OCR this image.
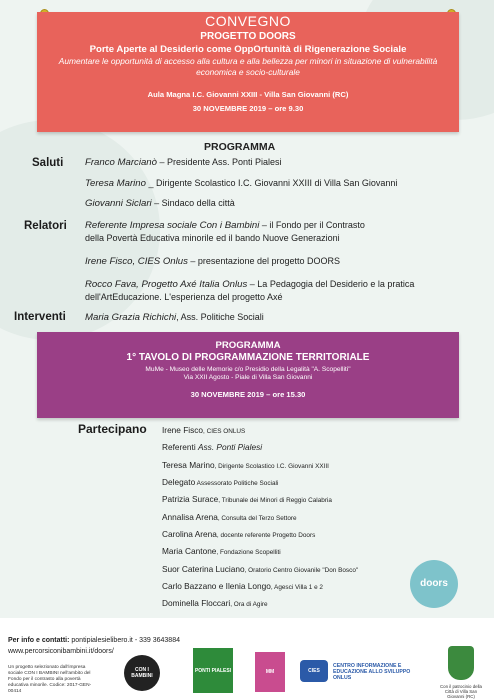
CONVEGNO
PROGETTO DOORS
Porte Aperte al Desiderio come OppOrtunità di Rigenerazione Sociale
Aumentare le opportunità di accesso alla cultura e alla bellezza per minori in situazione di vulnerabilità economica e socio-culturale
Aula Magna I.C. Giovanni XXIII - Villa San Giovanni (RC)
30 NOVEMBRE 2019 – ore 9.30
PROGRAMMA
Saluti Franco Marcianò – Presidente Ass. Ponti Pialesi
Teresa Marino _ Dirigente Scolastico I.C. Giovanni XXIII di Villa San Giovanni
Giovanni Siclari – Sindaco della città
Relatori Referente Impresa sociale Con i Bambini – il Fondo per il Contrasto
della Povertà Educativa minorile ed il bando Nuove Generazioni
Irene Fisco, CIES Onlus – presentazione del progetto DOORS
Rocco Fava, Progetto Axé Italia Onlus – La Pedagogia del Desiderio e la pratica
dell'ArtEducazione. L'esperienza del progetto Axé
Interventi Maria Grazia Richichi, Ass. Politiche Sociali
PROGRAMMA
1° TAVOLO DI PROGRAMMAZIONE TERRITORIALE
MuMe - Museo delle Memorie c/o Presidio della Legalità "A. Scopelliti"
Via XXII Agosto - Piale di Villa San Giovanni
30 NOVEMBRE 2019 – ore 15.30
Partecipano Irene Fisco, CIES ONLUS
Referenti Ass. Ponti Pialesi
Teresa Marino, Dirigente Scolastico I.C. Giovanni XXIII
Delegato Assessorato Politiche Sociali
Patrizia Surace, Tribunale dei Minori di Reggio Calabria
Annalisa Arena, Consulta del Terzo Settore
Carolina Arena, docente referente Progetto Doors
Maria Cantone, Fondazione Scopelliti
Suor Caterina Luciano, Oratorio Centro Giovanile "Don Bosco"
Carlo Bazzano e Ilenia Longo, Agesci Villa 1 e 2
Dominella Floccari, Ora di Agire
doors
Per info e contatti: pontipialesielibero.it - 339 3643884
www.percorsiconibambini.it/doors/
Un progetto selezionato dall'impresa sociale CON I BAMBINI nell'ambito del Fondo per il contrasto alla povertà educativa minorile. Codice: 2017-GEN-00414
CON I BAMBINI
PONTI PIALESI	MM	CIES
CENTRO INFORMAZIONE E EDUCAZIONE ALLO SVILUPPO ONLUS
Con il patrocinio della Città di Villa San Giovanni (RC)
